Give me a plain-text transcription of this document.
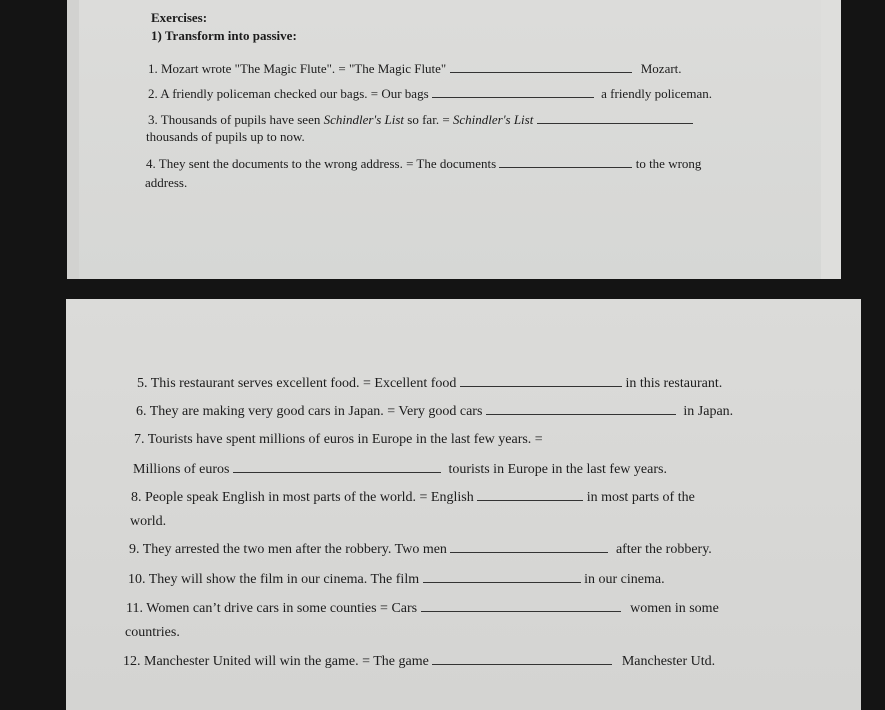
Exercises:
1) Transform into passive:
1. Mozart wrote "The Magic Flute". = "The Magic Flute"	Mozart.
2. A friendly policeman checked our bags. = Our bags	a friendly policeman.
3. Thousands of pupils have seen Schindler's List so far. = Schindler's List
thousands of pupils up to now.
4. They sent the documents to the wrong address. = The documents	to the wrong
address.
5. This restaurant serves excellent food. = Excellent food	in this restaurant.
6. They are making very good cars in Japan. = Very good cars	in Japan.
7. Tourists have spent millions of euros in Europe in the last few years. =
Millions of euros	tourists in Europe in the last few years.
8. People speak English in most parts of the world. = English	in most parts of the
world.
9. They arrested the two men after the robbery. Two men	after the robbery.
10. They will show the film in our cinema. The film	in our cinema.
11. Women can’t drive cars in some counties = Cars	women in some
countries.
12. Manchester United will win the game. = The game	Manchester Utd.
